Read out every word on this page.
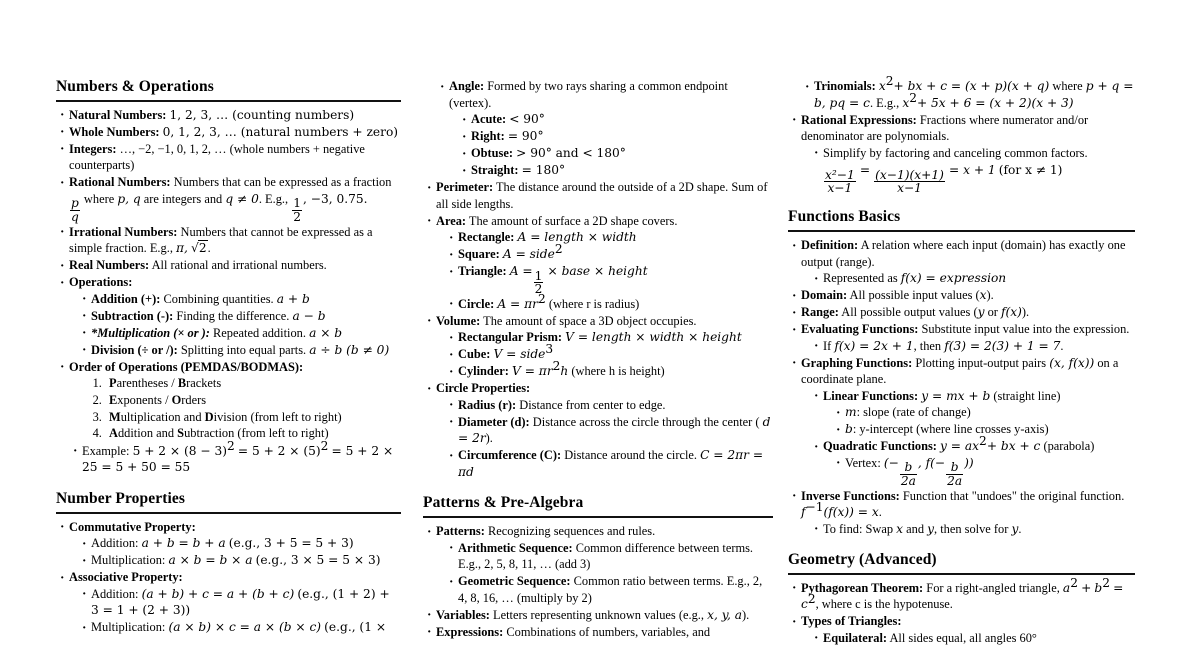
Numbers & Operations
· Natural Numbers: 1, 2, 3, … (counting numbers)
· Whole Numbers: 0, 1, 2, 3, … (natural numbers + zero)
· Integers: …, −2, −1, 0, 1, 2, … (whole numbers + negative counterparts)
· Rational Numbers: Numbers that can be expressed as a fraction
$\frac{p}{q}$ where p, q are integers and q ≠ 0. E.g., $\frac{1}{2}$ , −3, 0.75.
· Irrational Numbers: Numbers that cannot be expressed as a simple fraction. E.g., π, √2.
· Real Numbers: All rational and irrational numbers.
· Operations:
· Addition (+): Combining quantities. a + b
· Subtraction (-): Finding the difference. a − b
· *Multiplication (× or ): Repeated addition. a × b
· Division (÷ or /): Splitting into equal parts. a ÷ b (b ≠ 0)
· Order of Operations (PEMDAS/BODMAS):
1. Parentheses / Brackets
2. Exponents / Orders
3. Multiplication and Division (from left to right)
4. Addition and Subtraction (from left to right)
· Example: $5 + 2 \times (8 - 3)^2 = 5 + 2 \times (5)^2 = 5 + 2 \times 25 = 5 + 50 = 55$
Number Properties
· Commutative Property:
· Addition: a + b = b + a (e.g., 3 + 5 = 5 + 3)
· Multiplication: a × b = b × a (e.g., 3 × 5 = 5 × 3)
· Associative Property:
· Addition: (a + b) + c = a + (b + c) (e.g., (1 + 2) + 3 = 1 + (2 + 3))
· Multiplication: (a × b) × c = a × (b × c) (e.g., (1 ×
· Angle: Formed by two rays sharing a common endpoint (vertex).
· Acute: < 90°
· Right: = 90°
· Obtuse: > 90° and < 180°
· Straight: = 180°
· Perimeter: The distance around the outside of a 2D shape. Sum of all side lengths.
· Area: The amount of surface a 2D shape covers.
· Rectangle: A = length × width
· Square: A = side$^2$
· Triangle: $A = \frac{1}{2}$ × base × height
· Circle: $A = \pi r^2$ (where r is radius)
· Volume: The amount of space a 3D object occupies.
· Rectangular Prism: V = length × width × height
· Cube: V = side$^3$
· Cylinder: $V = \pi r^2h$ (where h is height)
· Circle Properties:
· Radius (r): Distance from center to edge.
· Diameter (d): Distance across the circle through the center ( d = 2r).
· Circumference (C): Distance around the circle. C = 2πr = πd
Patterns & Pre-Algebra
· Patterns: Recognizing sequences and rules.
· Arithmetic Sequence: Common difference between terms. E.g., 2, 5, 8, 11, … (add 3)
· Geometric Sequence: Common ratio between terms. E.g., 2, 4, 8, 16, … (multiply by 2)
· Variables: Letters representing unknown values (e.g., x, y, a).
· Expressions: Combinations of numbers, variables, and
· Trinomials: $x^2+$ bx + c = (x + p)(x + q) where p + q = b, pq = c. E.g., $x^2+ 5x + 6 = (x + 2)(x + 3)$
· Rational Expressions: Fractions where numerator and/or denominator are polynomials.
· Simplify by factoring and canceling common factors.
$\frac{\text{x²−1}}{x-1} = \frac{(x-1)(x+1)}{x-1} = x + 1$ (for x ≠ 1)
Functions Basics
· Definition: A relation where each input (domain) has exactly one output (range).
· Represented as f(x) = expression
· Domain: All possible input values (x).
· Range: All possible output values (y or f(x)).
· Evaluating Functions: Substitute input value into the expression.
· If f(x) = 2x + 1, then f(3) = 2(3) + 1 = 7.
· Graphing Functions: Plotting input-output pairs (x, f(x)) on a coordinate plane.
· Linear Functions: y = mx + b (straight line)
· m: slope (rate of change)
· b: y-intercept (where line crosses y-axis)
· Quadratic Functions: $y = ax^2+$ bx + c (parabola)
· Vertex: (− $\frac{b}{2a}$ , $f(- \frac{b}{2a}$ ))
· Inverse Functions: Function that "undoes" the original function. $f^{-1}(f(x)) = x$.
· To find: Swap x and y, then solve for y.
Geometry (Advanced)
· Pythagorean Theorem: For a right-angled triangle, $a^2 + b^2 = c^2$, where c is the hypotenuse.
· Types of Triangles:
· Equilateral: All sides equal, all angles 60°
